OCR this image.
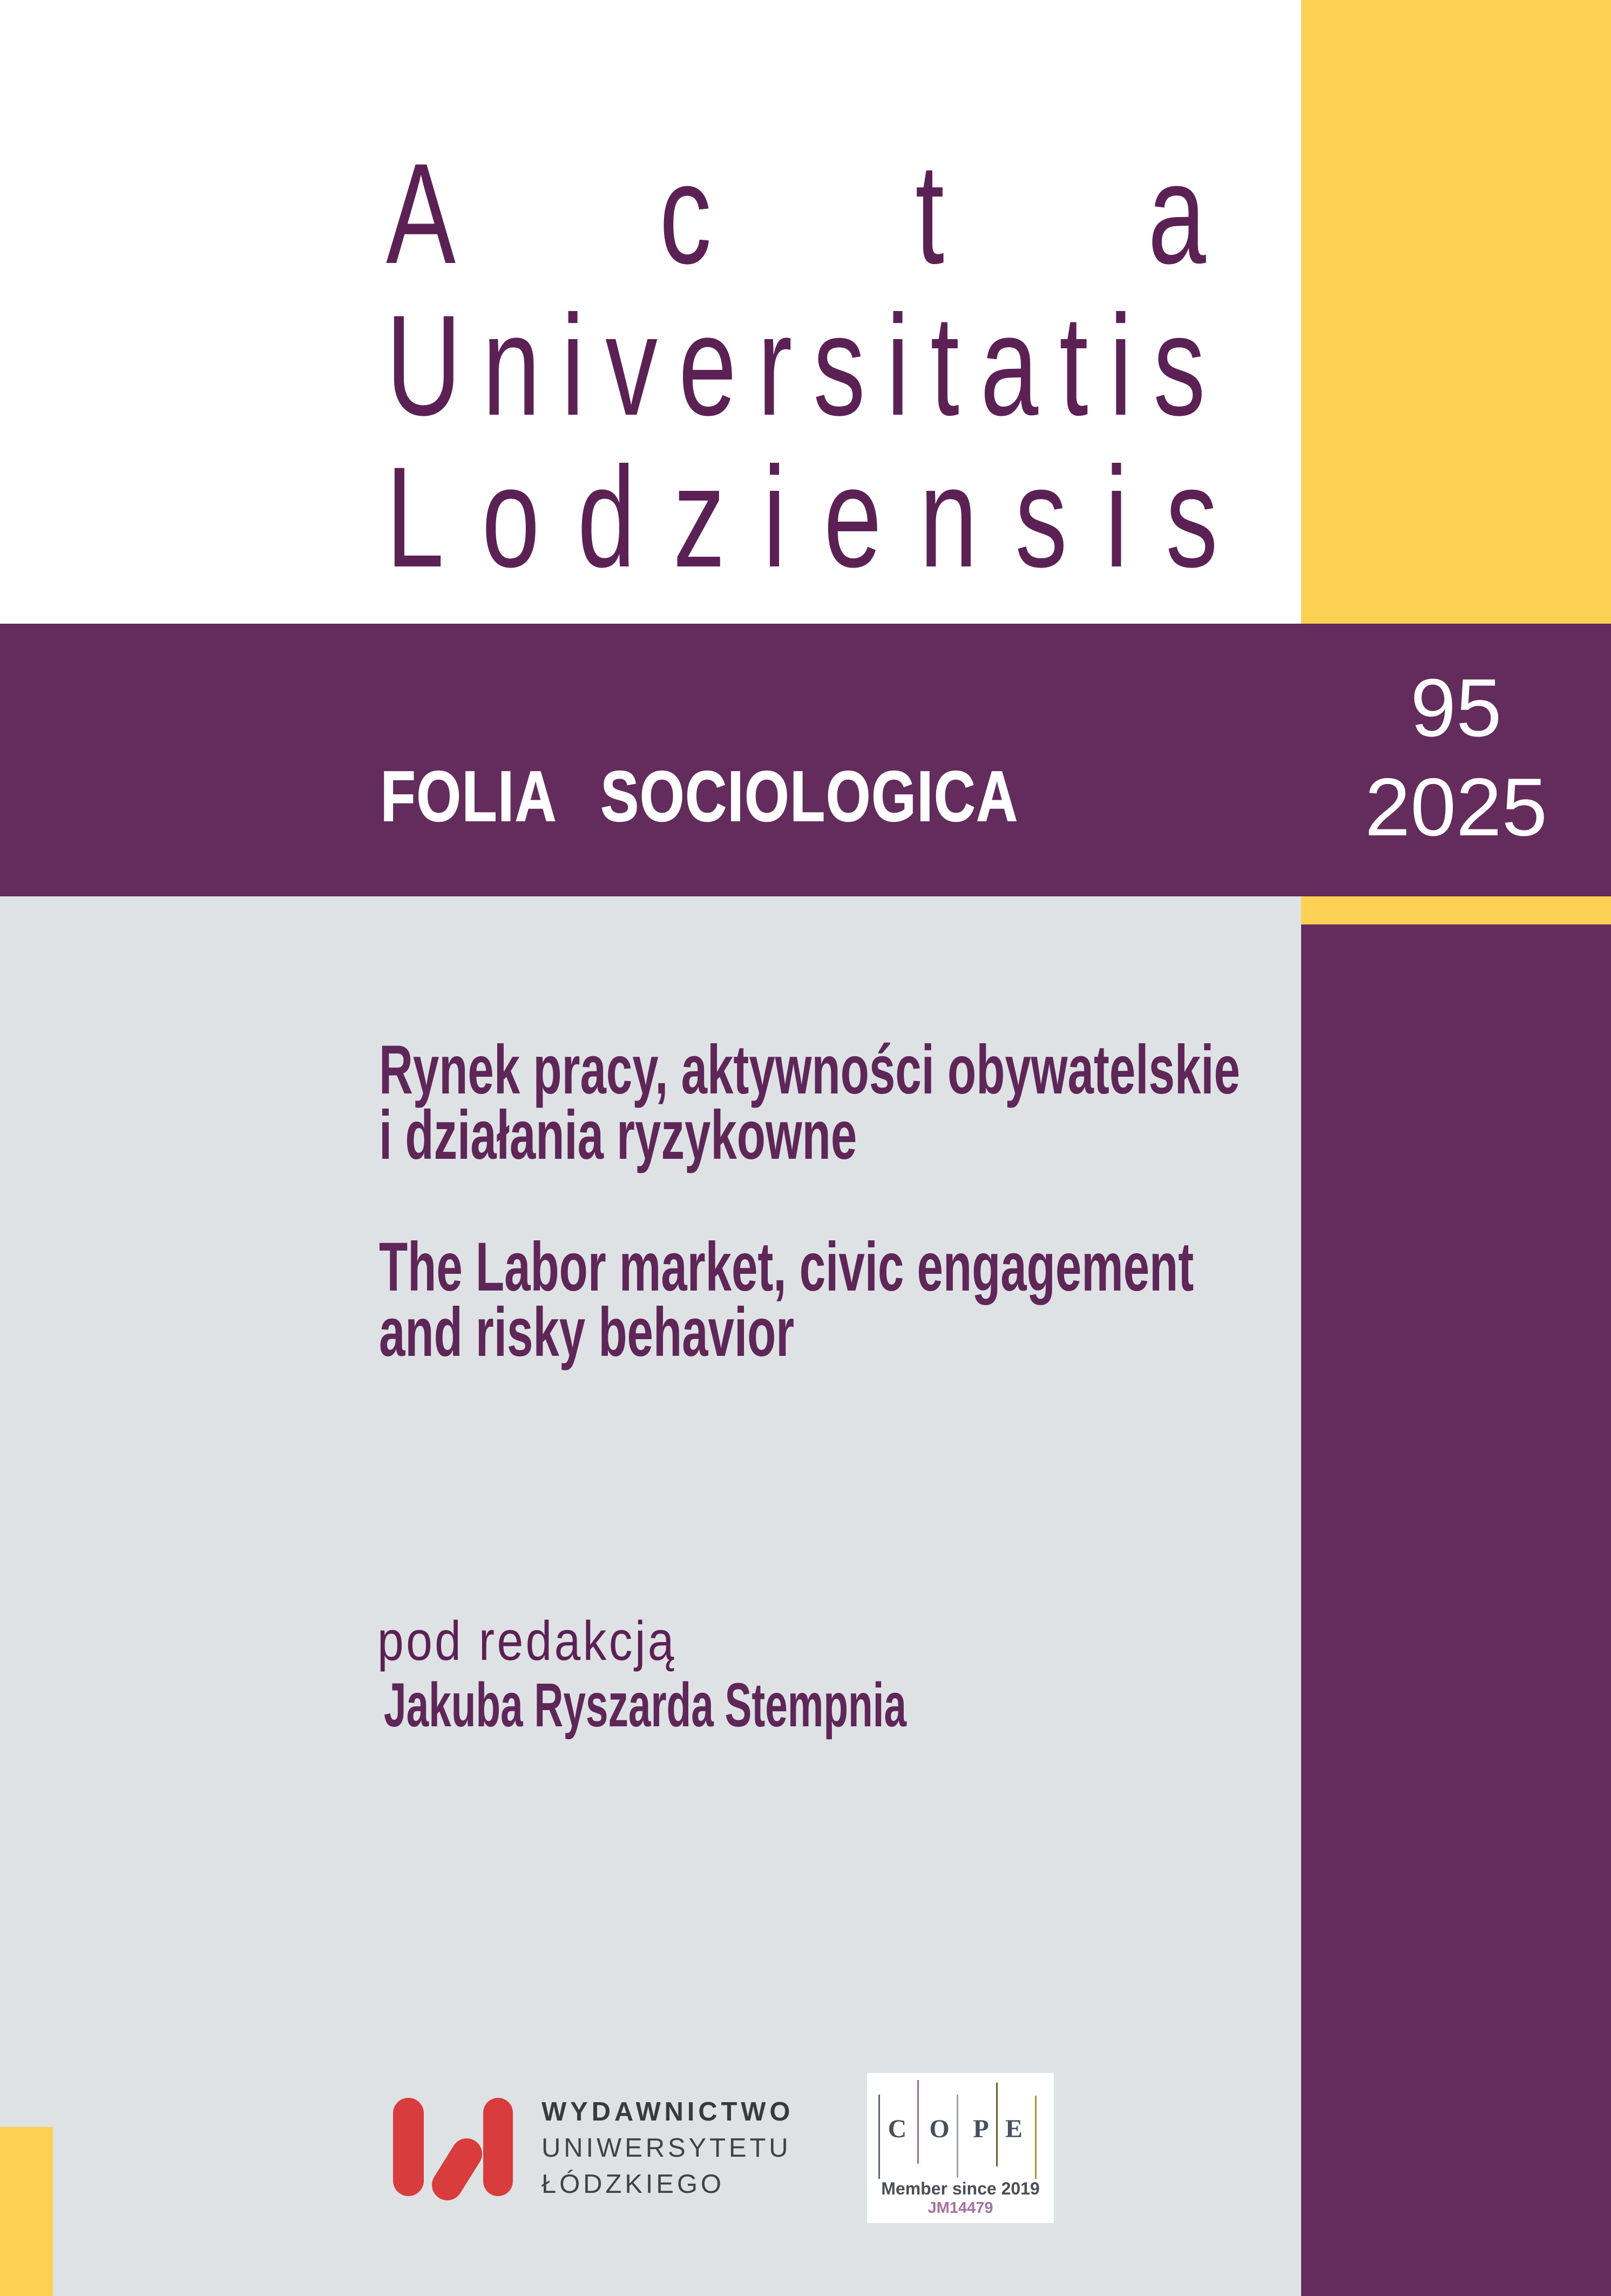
Acta
Universitatis
Lodziensis
FOLIA SOCIOLOGICA
95
2025
Rynek pracy, aktywności obywatelskie
i działania ryzykowne
The Labor market, civic engagement
and risky behavior
pod redakcją
Jakuba Ryszarda Stempnia
WYDAWNICTWO
UNIWERSYTETU
ŁÓDZKIEGO
C O P E
Member since 2019
JM14479
